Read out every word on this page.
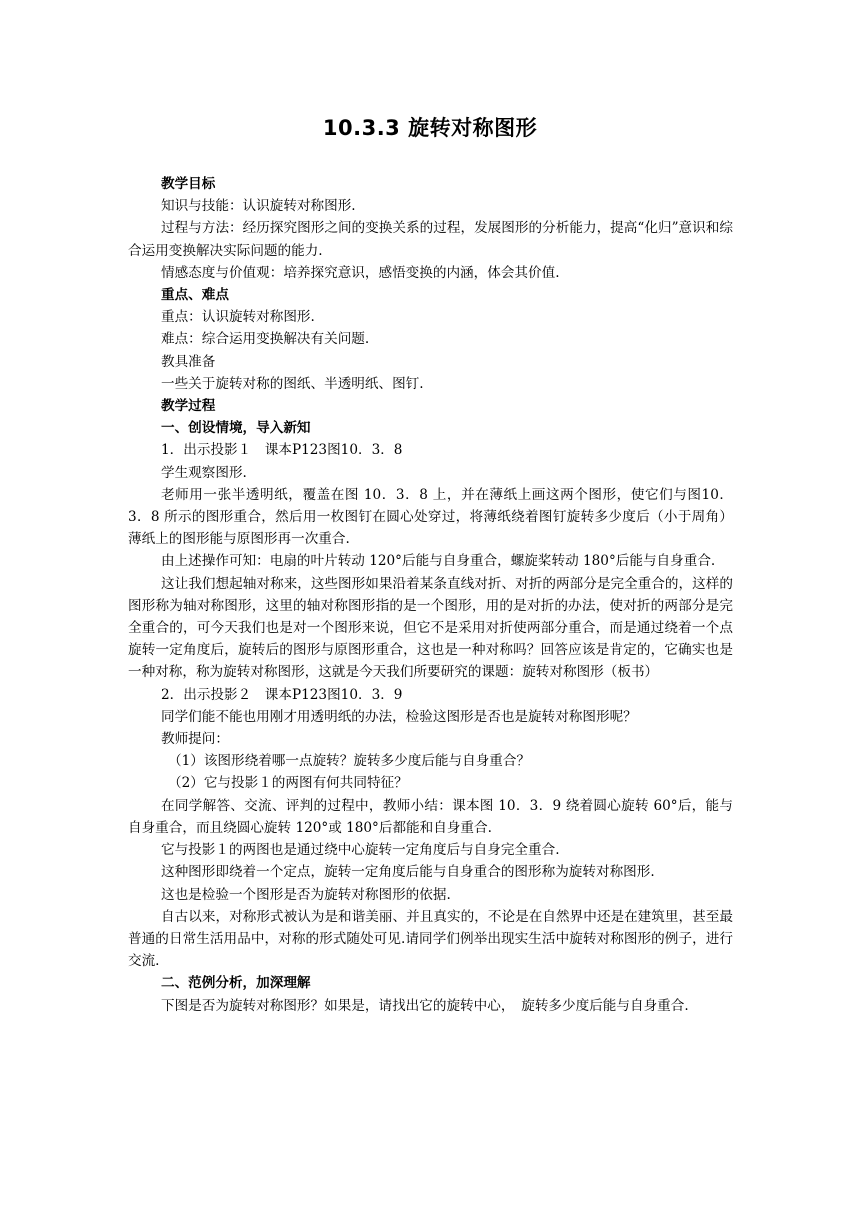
10.3.3 旋转对称图形

教学目标

知识与技能：认识旋转对称图形.

过程与方法：经历探究图形之间的变换关系的过程，发展图形的分析能力，提高“化归”意识和综合运用变换解决实际问题的能力.

情感态度与价值观：培养探究意识，感悟变换的内涵，体会其价值.

重点、难点

重点：认识旋转对称图形.

难点：综合运用变换解决有关问题.

教具准备

一些关于旋转对称的图纸、半透明纸、图钉.

教学过程

一、创设情境，导入新知

1．出示投影１　课本P123图10．3．8

学生观察图形.

老师用一张半透明纸，覆盖在图 10．3．8 上，并在薄纸上画这两个图形，使它们与图10．3．8 所示的图形重合，然后用一枚图钉在圆心处穿过，将薄纸绕着图钉旋转多少度后（小于周角）薄纸上的图形能与原图形再一次重合.

由上述操作可知：电扇的叶片转动 120°后能与自身重合，螺旋桨转动 180°后能与自身重合.

这让我们想起轴对称来，这些图形如果沿着某条直线对折、对折的两部分是完全重合的，这样的图形称为轴对称图形，这里的轴对称图形指的是一个图形，用的是对折的办法，使对折的两部分是完全重合的，可今天我们也是对一个图形来说，但它不是采用对折使两部分重合，而是通过绕着一个点旋转一定角度后，旋转后的图形与原图形重合，这也是一种对称吗？回答应该是肯定的，它确实也是一种对称，称为旋转对称图形，这就是今天我们所要研究的课题：旋转对称图形（板书）

2．出示投影２　课本P123图10．3．9

同学们能不能也用刚才用透明纸的办法，检验这图形是否也是旋转对称图形呢？

教师提问：

（1）该图形绕着哪一点旋转？旋转多少度后能与自身重合？

（2）它与投影１的两图有何共同特征？

在同学解答、交流、评判的过程中，教师小结：课本图 10．3．9 绕着圆心旋转 60°后，能与自身重合，而且绕圆心旋转 120°或 180°后都能和自身重合.

它与投影１的两图也是通过绕中心旋转一定角度后与自身完全重合.

这种图形即绕着一个定点，旋转一定角度后能与自身重合的图形称为旋转对称图形.

这也是检验一个图形是否为旋转对称图形的依据.

自古以来，对称形式被认为是和谐美丽、并且真实的，不论是在自然界中还是在建筑里，甚至最普通的日常生活用品中，对称的形式随处可见.请同学们例举出现实生活中旋转对称图形的例子，进行交流.

二、范例分析，加深理解

下图是否为旋转对称图形？如果是，请找出它的旋转中心，　旋转多少度后能与自身重合.
